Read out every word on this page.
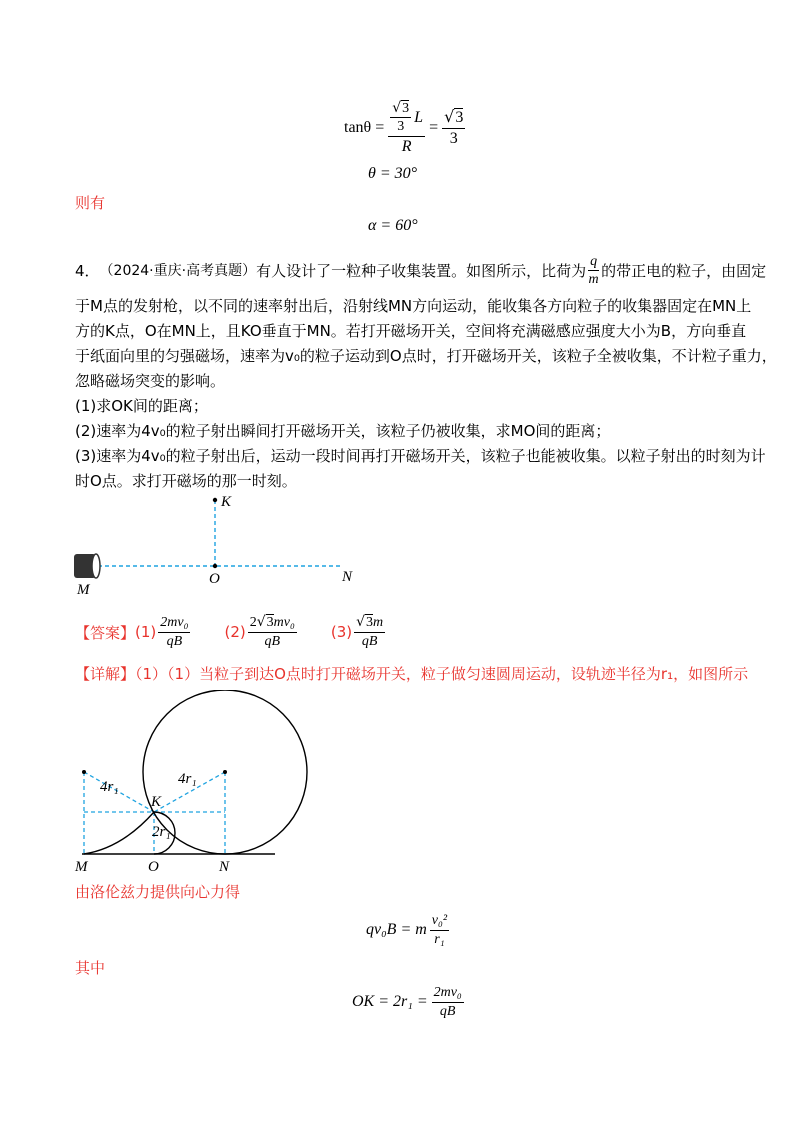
$\tan\theta = \frac{\frac{√3}{3} L}{R} = \frac{√3}{3}$
θ = 30°
则有
α = 60°
4． （2024·重庆·高考真题） 有人设计了一粒种子收集装置。如图所示，比荷为 $\frac{q}{m}$ 的带正电的粒子，由固定
于M点的发射枪，以不同的速率射出后，沿射线MN方向运动，能收集各方向粒子的收集器固定在MN上
方的K点，O在MN上，且KO垂直于MN。若打开磁场开关，空间将充满磁感应强度大小为B，方向垂直
于纸面向里的匀强磁场，速率为v₀的粒子运动到O点时，打开磁场开关，该粒子全被收集，不计粒子重力，
忽略磁场突变的影响。
(1)求OK间的距离；
(2)速率为4v₀的粒子射出瞬间打开磁场开关，该粒子仍被收集，求MO间的距离；
(3)速率为4v₀的粒子射出后，运动一段时间再打开磁场开关，该粒子也能被收集。以粒子射出的时刻为计
时O点。求打开磁场的那一时刻。
K
O	N
M
【答案】 $(1) \frac{\text{2mv₀}}{qB} (2) \frac{\text{2√3mv₀}}{qB} (3) \frac{√3m}{qB}$
【详解】（1）（1）当粒子到达O点时打开磁场开关，粒子做匀速圆周运动，设轨迹半径为r₁，如图所示
4r₁	4r₁
K
2r₁
M	O	N
由洛伦兹力提供向心力得
qv₀B = m $\frac{\text{v₀²}}{\text{r₁}}$
其中
OK = $2r_1 = \frac{\text{2mv₀}}{qB}$
